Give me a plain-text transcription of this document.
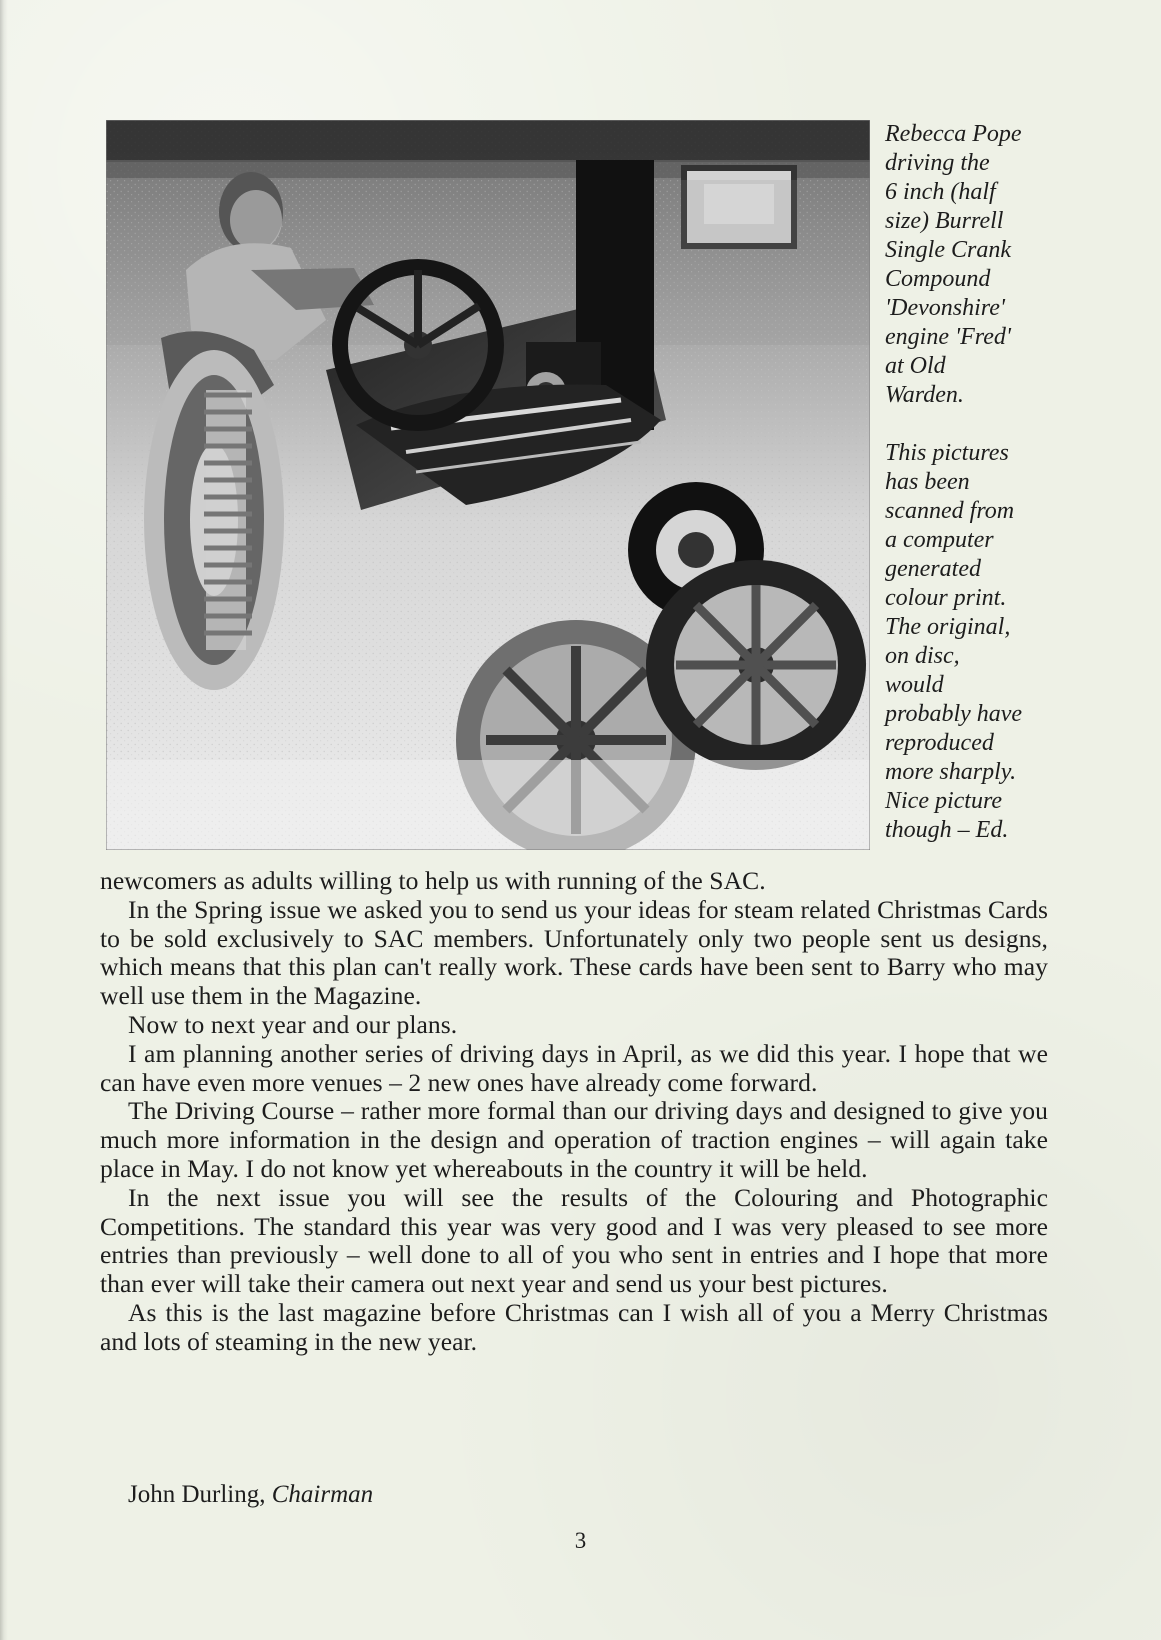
Rebecca Pope
driving the
6 inch (half
size) Burrell
Single Crank
Compound
'Devonshire'
engine 'Fred'
at Old
Warden.

This pictures
has been
scanned from
a computer
generated
colour print.
The original,
on disc,
would
probably have
reproduced
more sharply.
Nice picture
though – Ed.

newcomers as adults willing to help us with running of the SAC.

In the Spring issue we asked you to send us your ideas for steam related Christmas Cards to be sold exclusively to SAC members. Unfortunately only two people sent us designs, which means that this plan can't really work. These cards have been sent to Barry who may well use them in the Magazine.

Now to next year and our plans.

I am planning another series of driving days in April, as we did this year. I hope that we can have even more venues – 2 new ones have already come forward.

The Driving Course – rather more formal than our driving days and designed to give you much more information in the design and operation of traction engines – will again take place in May. I do not know yet whereabouts in the country it will be held.

In the next issue you will see the results of the Colouring and Photographic Competitions. The standard this year was very good and I was very pleased to see more entries than previously – well done to all of you who sent in entries and I hope that more than ever will take their camera out next year and send us your best pictures.

As this is the last magazine before Christmas can I wish all of you a Merry Christmas and lots of steaming in the new year.

John Durling, Chairman
3
